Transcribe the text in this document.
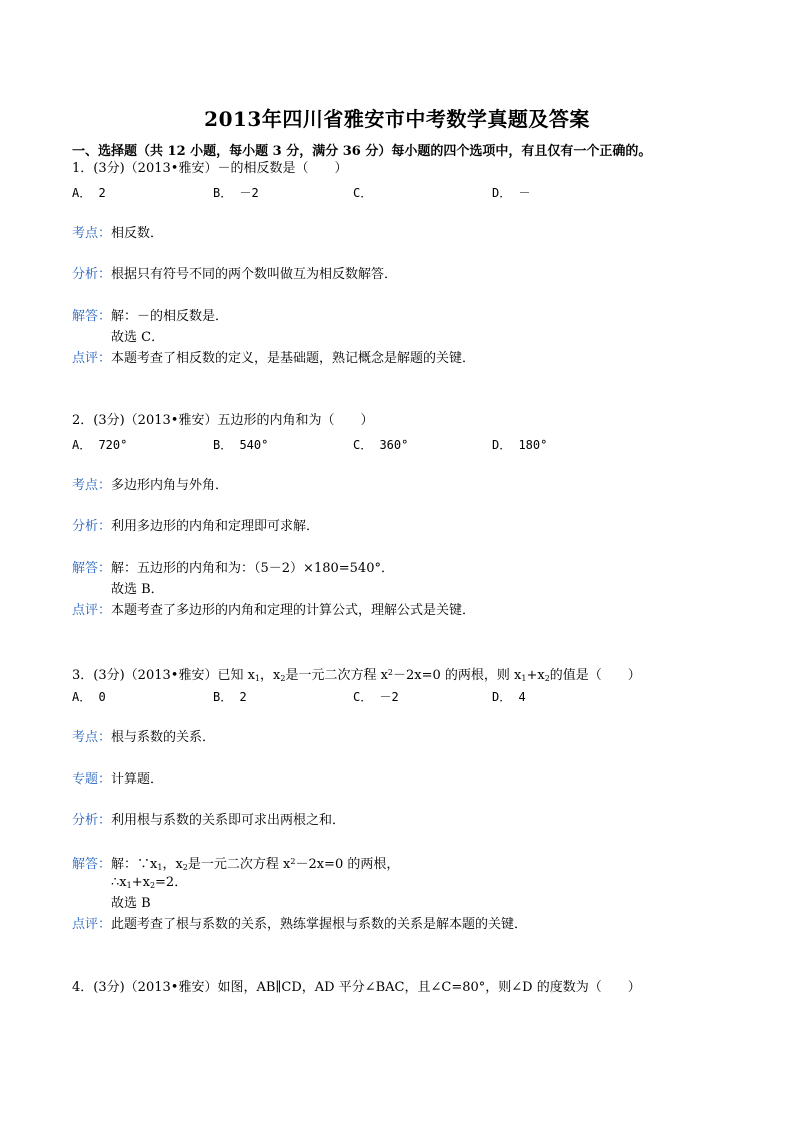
2013年四川省雅安市中考数学真题及答案
一、选择题（共 12 小题，每小题 3 分，满分 36 分）每小题的四个选项中，有且仅有一个正确的。
1．(3分)（2013•雅安）－的相反数是（　　）
A． 2	B． －2	C．	D． －
考点：相反数．
分析：根据只有符号不同的两个数叫做互为相反数解答．
解答：解：－的相反数是．
故选 C．
点评：本题考查了相反数的定义，是基础题，熟记概念是解题的关键．
2．(3分)（2013•雅安）五边形的内角和为（　　）
A． 720°	B． 540°	C． 360°	D． 180°
考点：多边形内角与外角．
分析：利用多边形的内角和定理即可求解．
解答：解：五边形的内角和为：（5－2）×180=540°．
故选 B．
点评：本题考查了多边形的内角和定理的计算公式，理解公式是关键．
3．(3分)（2013•雅安）已知 $x_1$，$x_2$是一元二次方程 $x^2-2x=0$ 的两根，则 $x_1+x_2$的值是（　　）
A． 0	B． 2	C． －2	D． 4
考点：根与系数的关系．
专题：计算题．
分析：利用根与系数的关系即可求出两根之和．
解答：解：$\because x_1$，$x_2$是一元二次方程 $x^2-2x=0$ 的两根，
$\therefore x_1+x_2=2$．
故选 B
点评：此题考查了根与系数的关系，熟练掌握根与系数的关系是解本题的关键．
4．(3分)（2013•雅安）如图，AB∥CD，AD 平分∠BAC，且∠C=80°，则∠D 的度数为（　　）
